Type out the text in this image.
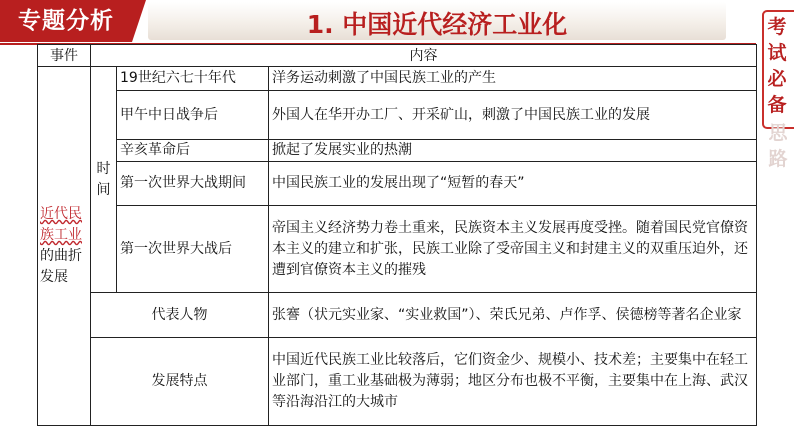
专题分析	1. 中国近代经济工业化	考试必备
思路
事件	内容		
近代民族工业的曲折发展	时间	19世纪六七十年代	洋务运动刺激了中国民族工业的产生
		甲午中日战争后	外国人在华开办工厂、开采矿山，刺激了中国民族工业的发展
		辛亥革命后	掀起了发展实业的热潮
		第一次世界大战期间	中国民族工业的发展出现了“短暂的春天”
		第一次世界大战后	帝国主义经济势力卷土重来，民族资本主义发展再度受挫。随着国民党官僚资本主义的建立和扩张，民族工业除了受帝国主义和封建主义的双重压迫外，还遭到官僚资本主义的摧残
	代表人物		张謇（状元实业家、“实业救国”）、荣氏兄弟、卢作孚、侯德榜等著名企业家
	发展特点		中国近代民族工业比较落后，它们资金少、规模小、技术差；主要集中在轻工业部门，重工业基础极为薄弱；地区分布也极不平衡，主要集中在上海、武汉等沿海沿江的大城市
